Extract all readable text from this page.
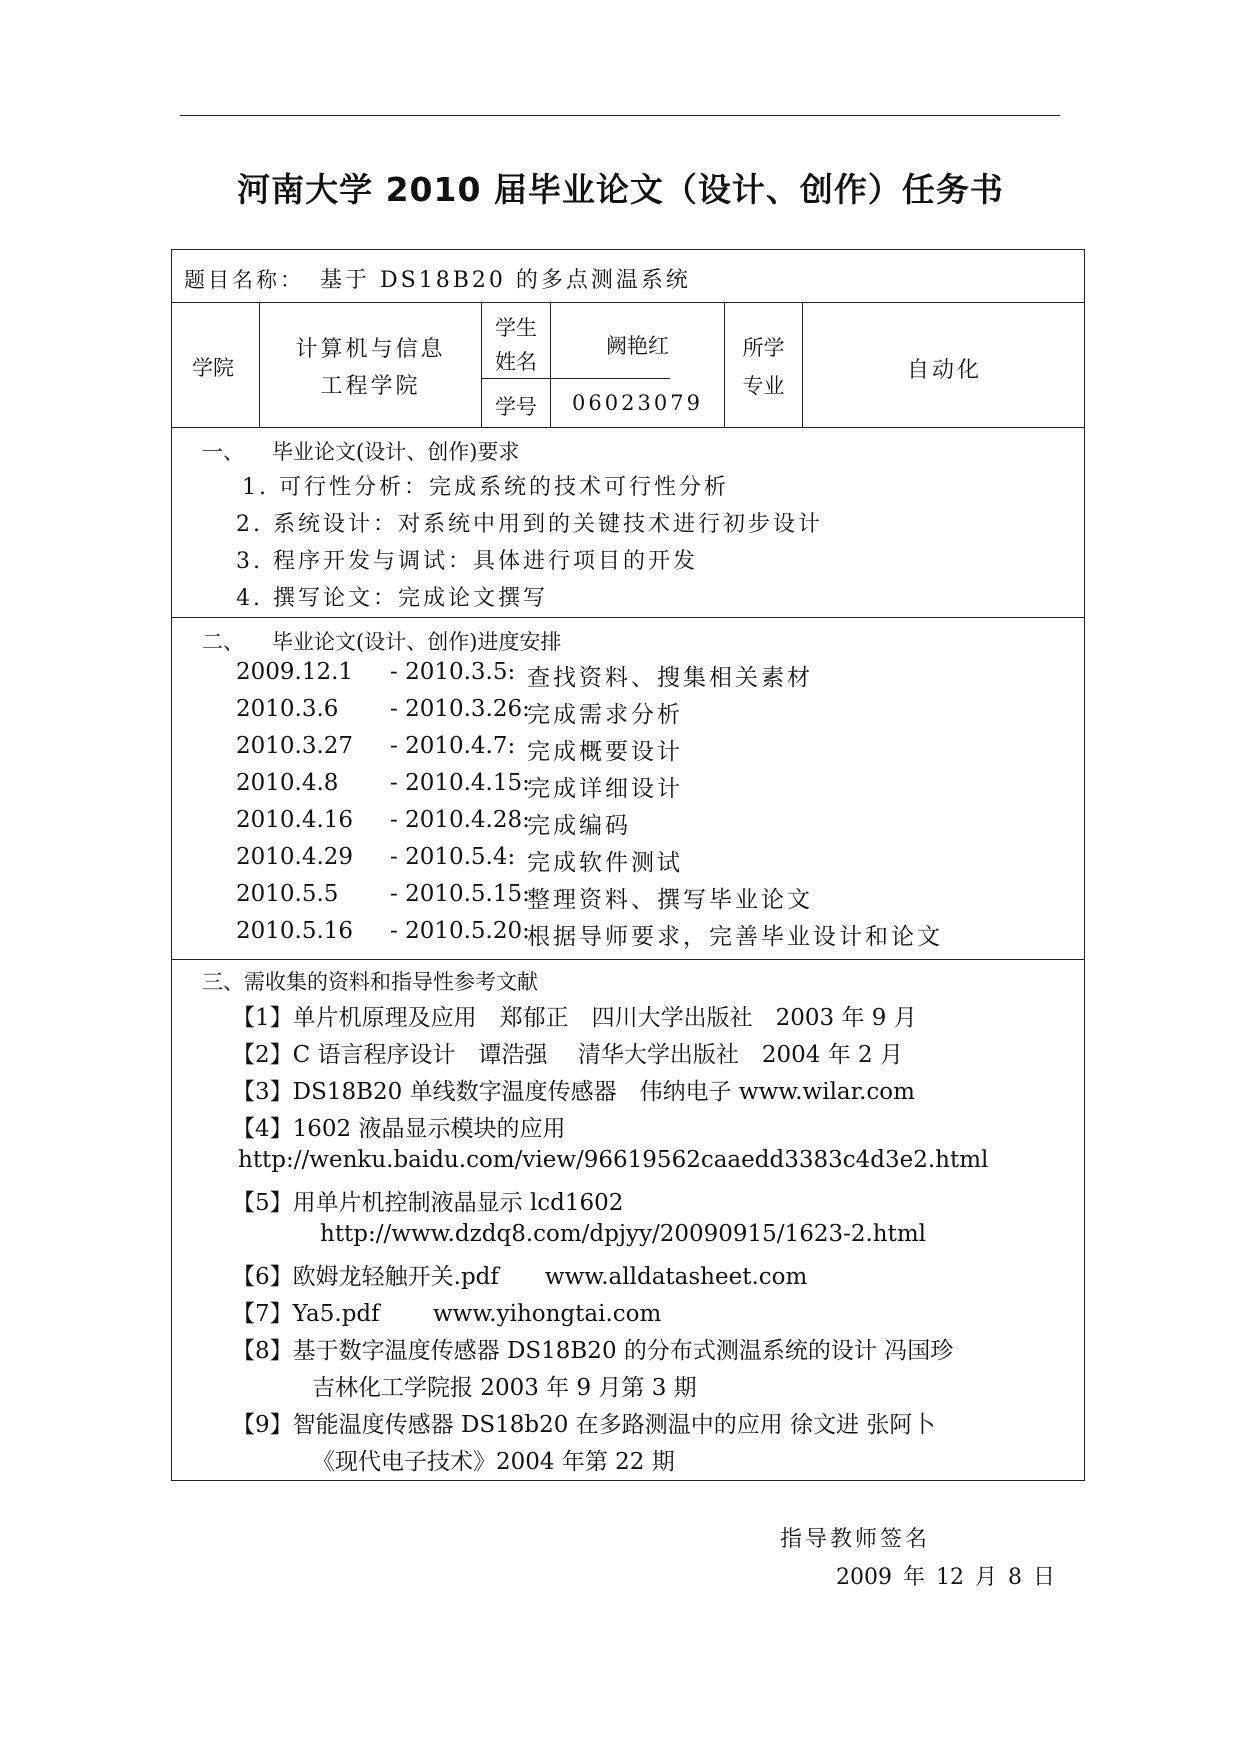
河南大学 2010 届毕业论文（设计、创作）任务书
题目名称： 基于 DS18B20 的多点测温系统
学院
计算机与信息
工程学院
学生
姓名
阙艳红
学号	06023079
所学
专业
自动化
一、 毕业论文(设计、创作)要求
1. 可行性分析：完成系统的技术可行性分析
2. 系统设计：对系统中用到的关键技术进行初步设计
3. 程序开发与调试：具体进行项目的开发
4. 撰写论文：完成论文撰写
二、 毕业论文(设计、创作)进度安排
2009.12.1 - 2010.3.5: 查找资料、搜集相关素材
2010.3.6 - 2010.3.26:
完成需求分析
2010.3.27 - 2010.4.7: 完成概要设计
2010.4.8 - 2010.4.15:
完成详细设计
2010.4.16 - 2010.4.28:
完成编码
2010.4.29 - 2010.5.4: 完成软件测试
2010.5.5 - 2010.5.15:
整理资料、撰写毕业论文
2010.5.16 - 2010.5.20:
根据导师要求，完善毕业设计和论文
三、需收集的资料和指导性参考文献
【1】单片机原理及应用　郑郁正　四川大学出版社　2003 年 9 月
【2】C 语言程序设计　谭浩强　 清华大学出版社　2004 年 2 月
【3】DS18B20 单线数字温度传感器　伟纳电子 www.wilar.com
【4】1602 液晶显示模块的应用
http://wenku.baidu.com/view/96619562caaedd3383c4d3e2.html
【5】用单片机控制液晶显示 lcd1602
http://www.dzdq8.com/dpjyy/20090915/1623-2.html
【6】欧姆龙轻触开关.pdf　　www.alldatasheet.com
【7】Ya5.pdf　　 www.yihongtai.com
【8】基于数字温度传感器 DS18B20 的分布式测温系统的设计 冯国珍
吉林化工学院报 2003 年 9 月第 3 期
【9】智能温度传感器 DS18b20 在多路测温中的应用 徐文进 张阿卜
《现代电子技术》2004 年第 22 期
指导教师签名
2009 年 12 月 8 日
